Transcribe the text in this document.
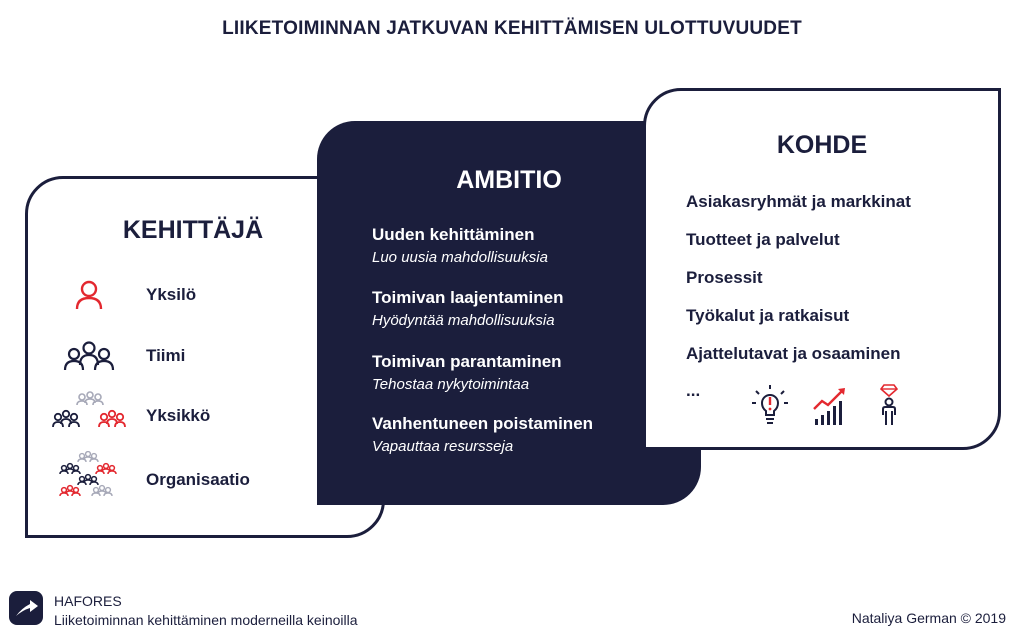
LIIKETOIMINNAN JATKUVAN KEHITTÄMISEN ULOTTUVUUDET
KEHITTÄJÄ
Yksilö
Tiimi
Yksikkö
Organisaatio
AMBITIO
Uuden kehittäminen
Luo uusia mahdollisuuksia
Toimivan laajentaminen
Hyödyntää mahdollisuuksia
Toimivan parantaminen
Tehostaa nykytoimintaa
Vanhentuneen poistaminen
Vapauttaa resursseja
KOHDE
Asiakasryhmät ja markkinat
Tuotteet ja palvelut
Prosessit
Työkalut ja ratkaisut
Ajattelutavat ja osaaminen
...
HAFORES
Liiketoiminnan kehittäminen moderneilla keinoilla	Nataliya German © 2019
